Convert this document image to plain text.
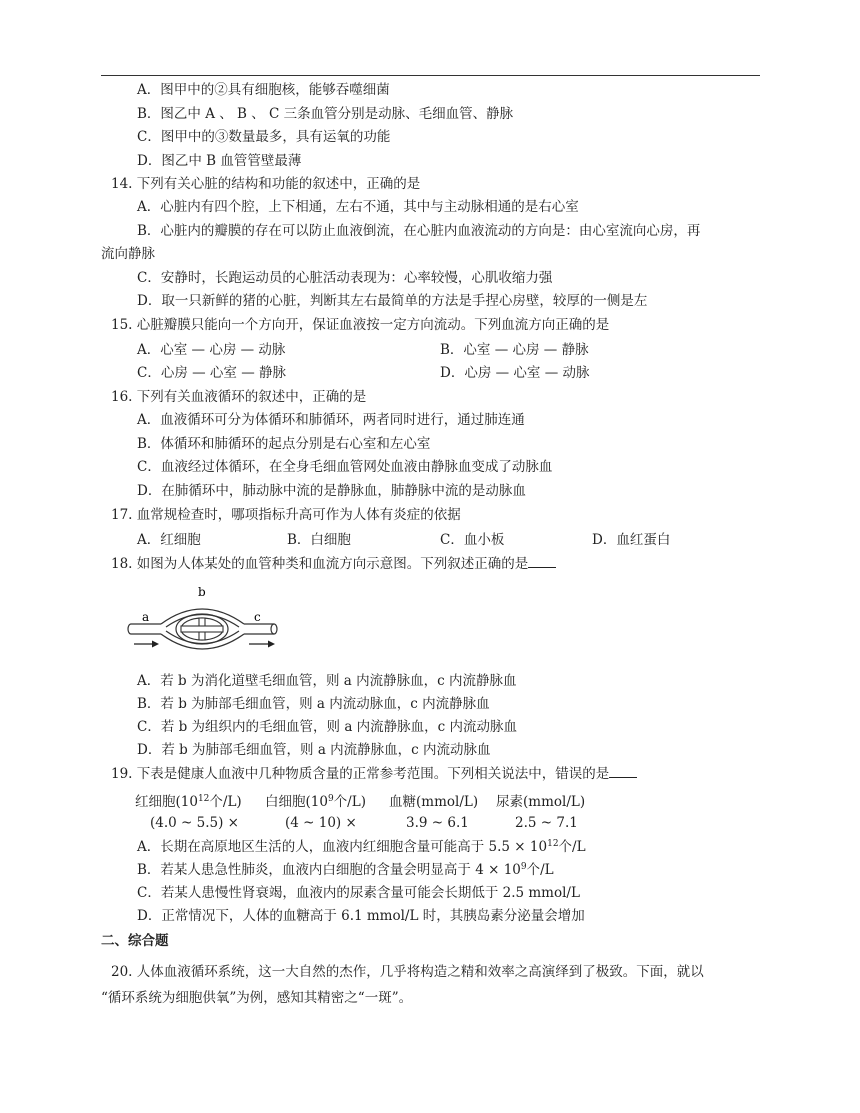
A．图甲中的②具有细胞核，能够吞噬细菌
B．图乙中 A 、 B 、 C 三条血管分别是动脉、毛细血管、静脉
C．图甲中的③数量最多，具有运氧的功能
D．图乙中 B 血管管壁最薄
14. 下列有关心脏的结构和功能的叙述中，正确的是
A．心脏内有四个腔，上下相通，左右不通，其中与主动脉相通的是右心室
B．心脏内的瓣膜的存在可以防止血液倒流，在心脏内血液流动的方向是：由心室流向心房，再
流向静脉
C．安静时，长跑运动员的心脏活动表现为：心率较慢，心肌收缩力强
D．取一只新鲜的猪的心脏，判断其左右最简单的方法是手捏心房壁，较厚的一侧是左
15. 心脏瓣膜只能向一个方向开，保证血液按一定方向流动。下列血流方向正确的是
A．心室 — 心房 — 动脉	B．心室 — 心房 — 静脉
C．心房 — 心室 — 静脉	D．心房 — 心室 — 动脉
16. 下列有关血液循环的叙述中，正确的是
A．血液循环可分为体循环和肺循环，两者同时进行，通过肺连通
B．体循环和肺循环的起点分别是右心室和左心室
C．血液经过体循环，在全身毛细血管网处血液由静脉血变成了动脉血
D．在肺循环中，肺动脉中流的是静脉血，肺静脉中流的是动脉血
17. 血常规检查时，哪项指标升高可作为人体有炎症的依据
A．红细胞	B．白细胞	C．血小板	D．血红蛋白
18. 如图为人体某处的血管种类和血流方向示意图。下列叙述正确的是
a
b
c
A．若 b 为消化道壁毛细血管，则 a 内流静脉血，c 内流静脉血
B．若 b 为肺部毛细血管，则 a 内流动脉血，c 内流静脉血
C．若 b 为组织内的毛细血管，则 a 内流静脉血，c 内流动脉血
D．若 b 为肺部毛细血管，则 a 内流静脉血，c 内流动脉血
19. 下表是健康人血液中几种物质含量的正常参考范围。下列相关说法中，错误的是
红细胞($10^{12}$个/L) 白细胞($10^9$个/L) 血糖(mmol/L) 尿素(mmol/L)
(4.0 ~ 5.5) ×	(4 ~ 10) ×	3.9 ~ 6.1	2.5 ~ 7.1
A．长期在高原地区生活的人，血液内红细胞含量可能高于 $5.5 \times 10^{12}$个/L
B．若某人患急性肺炎，血液内白细胞的含量会明显高于 $4 \times 10^9$个/L
C．若某人患慢性肾衰竭，血液内的尿素含量可能会长期低于 2.5 mmol/L
D．正常情况下，人体的血糖高于 6.1 mmol/L 时，其胰岛素分泌量会增加
二、综合题
20. 人体血液循环系统，这一大自然的杰作，几乎将构造之精和效率之高演绎到了极致。下面，就以
“循环系统为细胞供氧”为例，感知其精密之“一斑”。
